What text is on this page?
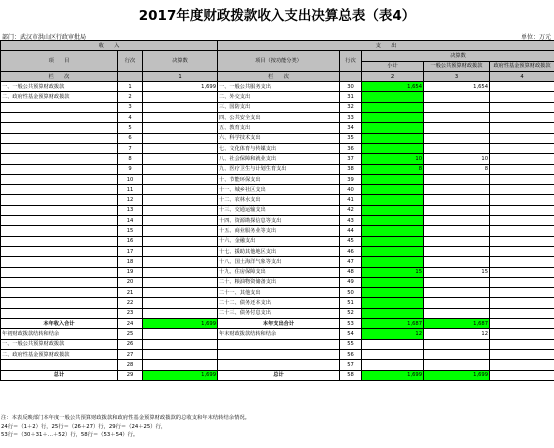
2017年度财政拨款收入支出决算总表（表4）
部门：武汉市洪山区行政审批局	单位：万元
收　　入			支　　出				
项　　目	行次	决算数	项目（按功能分类）	行次	决算数		
					小计	一般公共预算财政拨款	政府性基金预算财政拨款

栏　　次		1	栏　　次		2	3	4
一、一般公共预算财政拨款	1	1,699	一、一般公共服务支出	30	1,654	1,654	
二、政府性基金预算财政拨款	2		二、外交支出	31			
	3		三、国防支出	32			
	4		四、公共安全支出	33			
	5		五、教育支出	34			
	6		六、科学技术支出	35			
	7		七、文化体育与传媒支出	36			
	8		八、社会保障和就业支出	37	10	10	
	9		九、医疗卫生与计划生育支出	38	8	8	
	10		十、节能环保支出	39			
	11		十一、城乡社区支出	40			
	12		十二、农林水支出	41			
	13		十三、交通运输支出	42			
	14		十四、资源勘探信息等支出	43			
	15		十五、商业服务业等支出	44			
	16		十六、金融支出	45			
	17		十七、援助其他地区支出	46			
	18		十八、国土海洋气象等支出	47			
	19		十九、住房保障支出	48	15	15	
	20		二十、粮油物资储备支出	49			
	21		二十一、其他支出	50			
	22		二十二、债务还本支出	51			
	23		二十三、债务付息支出	52			
本年收入合计	24	1,699	本年支出合计	53	1,687	1,687	
年初财政拨款结转和结余	25		年末财政拨款结转和结余	54	12	12	
一、一般公共预算财政拨款	26			55			
二、政府性基金预算财政拨款	27			56			
	28			57			
总计	29	1,699	总计	58	1,699	1,699	
注：本表反映部门本年度一般公共预算财政拨款和政府性基金预算财政拨款的总收支和年末结转结余情况。
24行＝（1＋2）行，25行＝（26＋27）行，29行＝（24＋25）行，
53行＝（30＋31＋…＋52）行，58行＝（53＋54）行。
